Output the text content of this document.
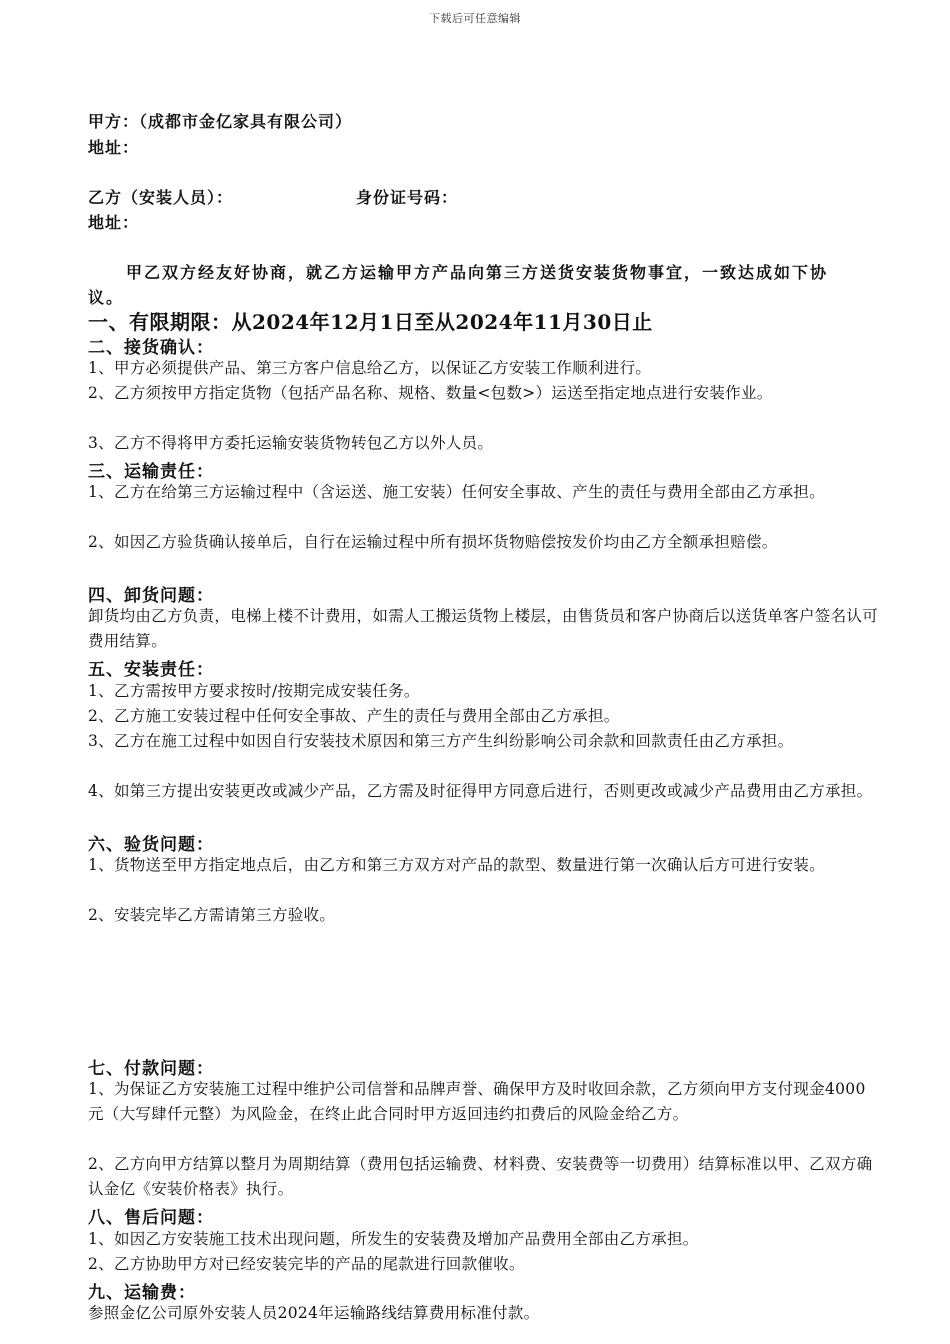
下载后可任意编辑
甲方：（成都市金亿家具有限公司）
地址：
乙方（安装人员）：	身份证号码：
地址：
甲乙双方经友好协商，就乙方运输甲方产品向第三方送货安装货物事宜，一致达成如下协
议。
一、有限期限：从2024年12月1日至从2024年11月30日止
二、接货确认：
1、甲方必须提供产品、第三方客户信息给乙方，以保证乙方安装工作顺利进行。
2、乙方须按甲方指定货物（包括产品名称、规格、数量<包数>）运送至指定地点进行安装作业。
3、乙方不得将甲方委托运输安装货物转包乙方以外人员。
三、运输责任：
1、乙方在给第三方运输过程中（含运送、施工安装）任何安全事故、产生的责任与费用全部由乙方承担。
2、如因乙方验货确认接单后，自行在运输过程中所有损坏货物赔偿按发价均由乙方全额承担赔偿。
四、卸货问题：
卸货均由乙方负责，电梯上楼不计费用，如需人工搬运货物上楼层，由售货员和客户协商后以送货单客户签名认可费用结算。
五、安装责任：
1、乙方需按甲方要求按时/按期完成安装任务。
2、乙方施工安装过程中任何安全事故、产生的责任与费用全部由乙方承担。
3、乙方在施工过程中如因自行安装技术原因和第三方产生纠纷影响公司余款和回款责任由乙方承担。
4、如第三方提出安装更改或减少产品，乙方需及时征得甲方同意后进行，否则更改或减少产品费用由乙方承担。
六、验货问题：
1、货物送至甲方指定地点后，由乙方和第三方双方对产品的款型、数量进行第一次确认后方可进行安装。
2、安装完毕乙方需请第三方验收。
七、付款问题：
1、为保证乙方安装施工过程中维护公司信誉和品牌声誉、确保甲方及时收回余款，乙方须向甲方支付现金4000元（大写肆仟元整）为风险金，在终止此合同时甲方返回违约扣费后的风险金给乙方。
2、乙方向甲方结算以整月为周期结算（费用包括运输费、材料费、安装费等一切费用）结算标准以甲、乙双方确认金亿《安装价格表》执行。
八、售后问题：
1、如因乙方安装施工技术出现问题，所发生的安装费及增加产品费用全部由乙方承担。
2、乙方协助甲方对已经安装完毕的产品的尾款进行回款催收。
九、运输费：
参照金亿公司原外安装人员2024年运输路线结算费用标准付款。
